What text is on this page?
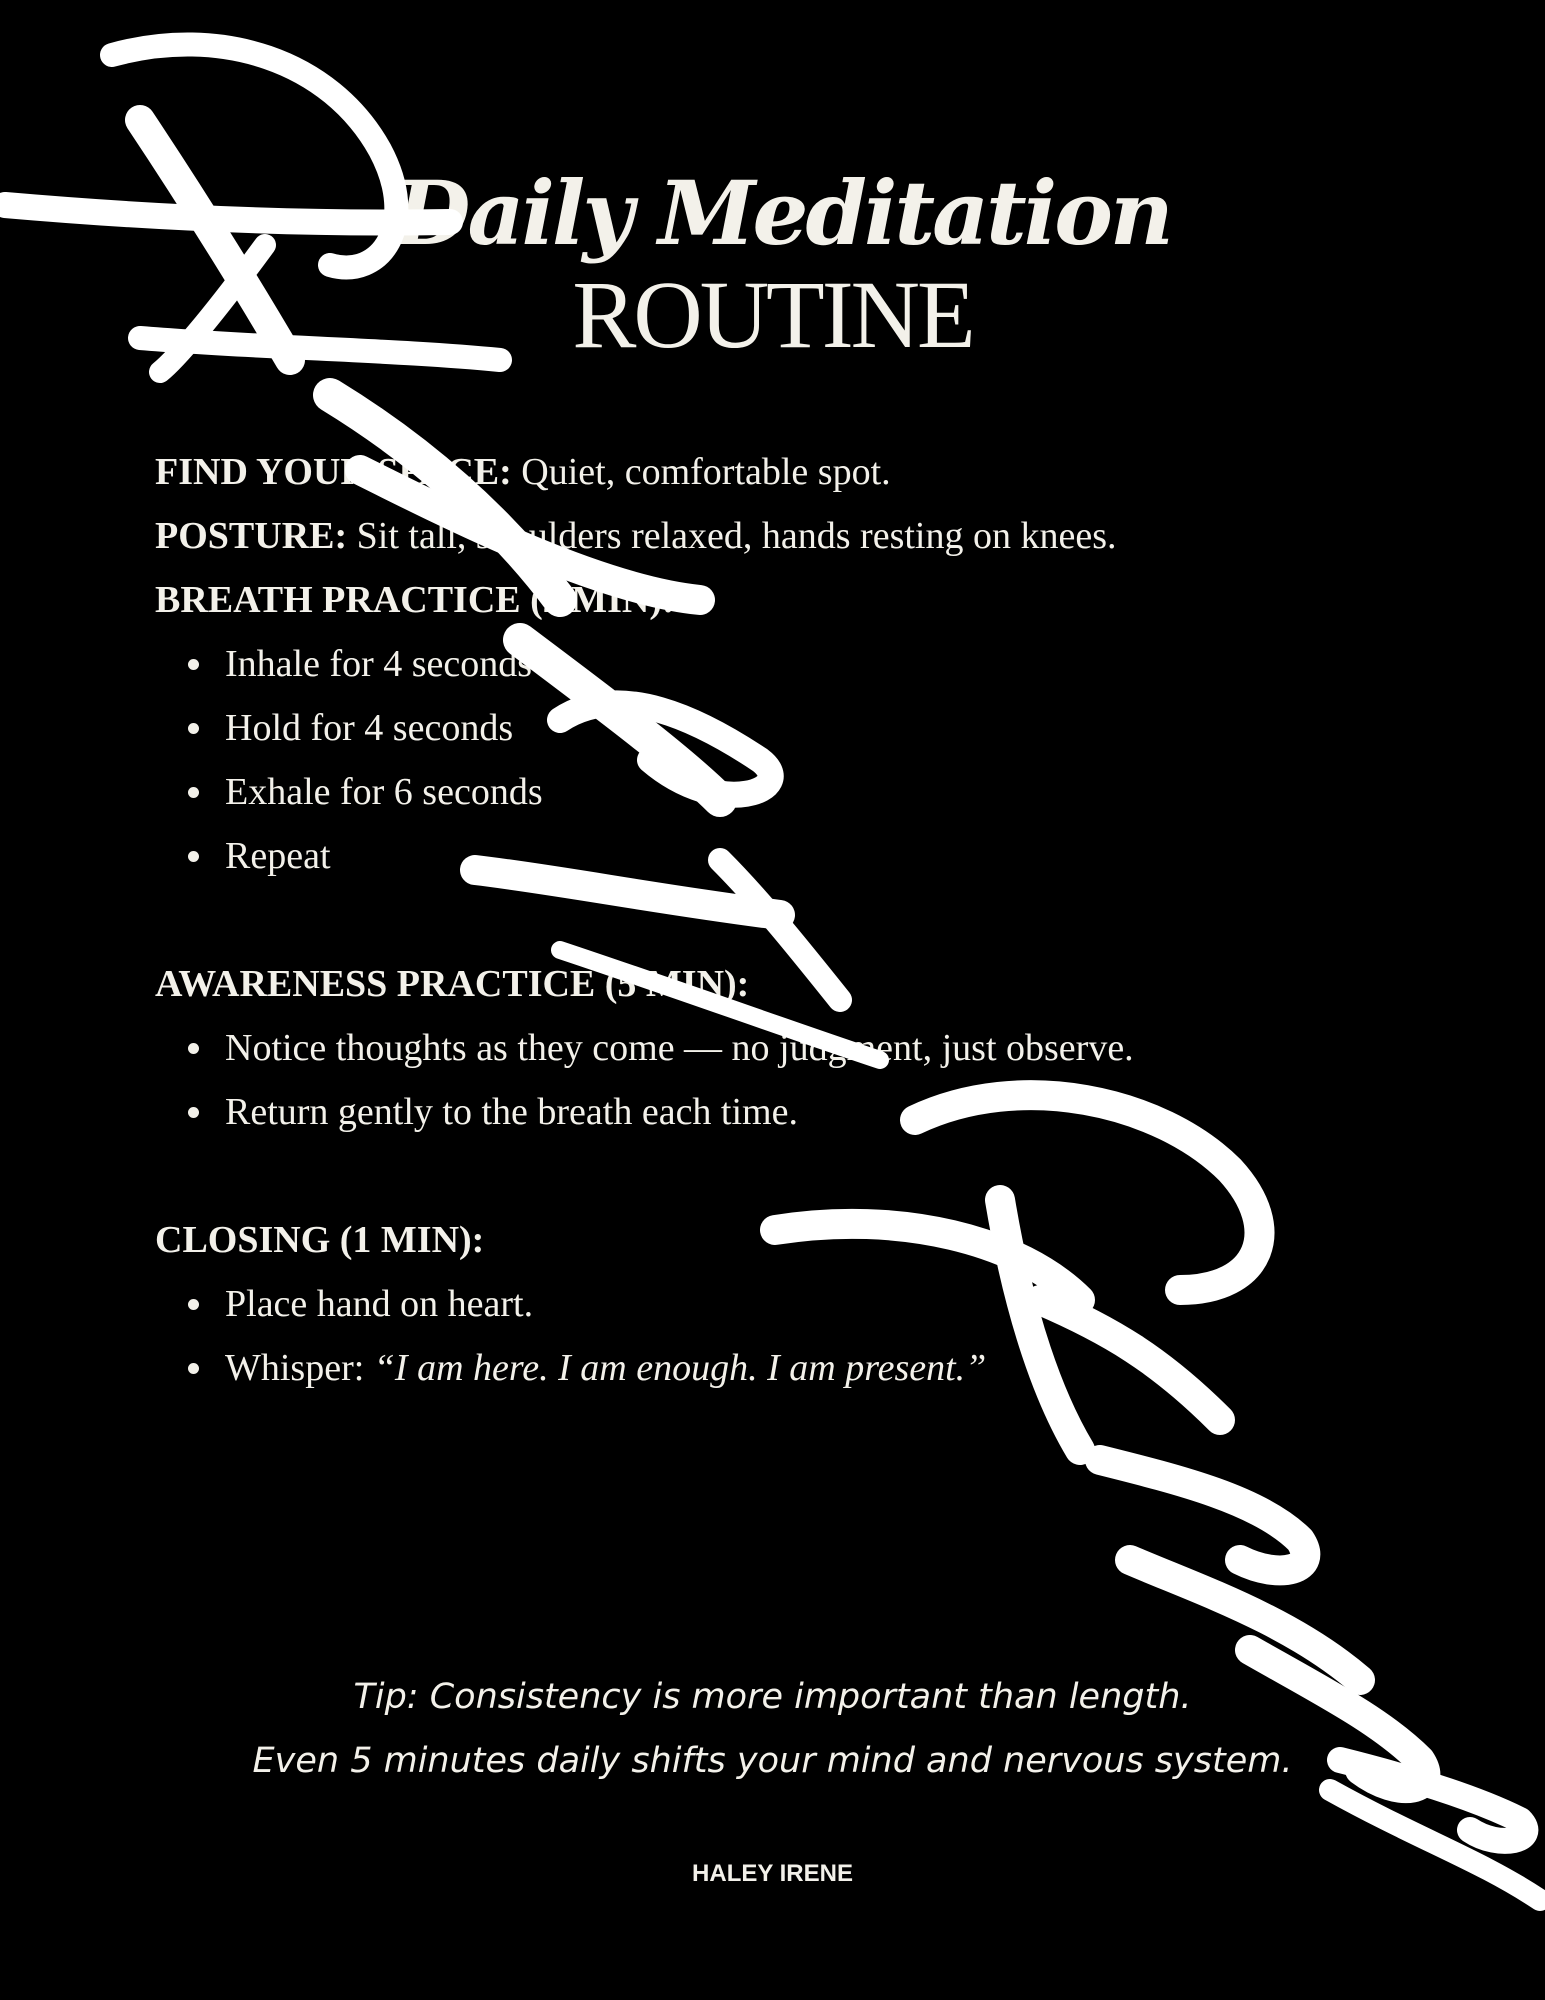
Daily Meditation
ROUTINE
FIND YOUR SPACE: Quiet, comfortable spot.
POSTURE: Sit tall, shoulders relaxed, hands resting on knees.
BREATH PRACTICE (2 MIN):
Inhale for 4 seconds
Hold for 4 seconds
Exhale for 6 seconds
Repeat
AWARENESS PRACTICE (5 MIN):
Notice thoughts as they come — no judgment, just observe.
Return gently to the breath each time.
CLOSING (1 MIN):
Place hand on heart.
Whisper: “I am here. I am enough. I am present.”
Tip: Consistency is more important than length.
Even 5 minutes daily shifts your mind and nervous system.
HALEY IRENE
